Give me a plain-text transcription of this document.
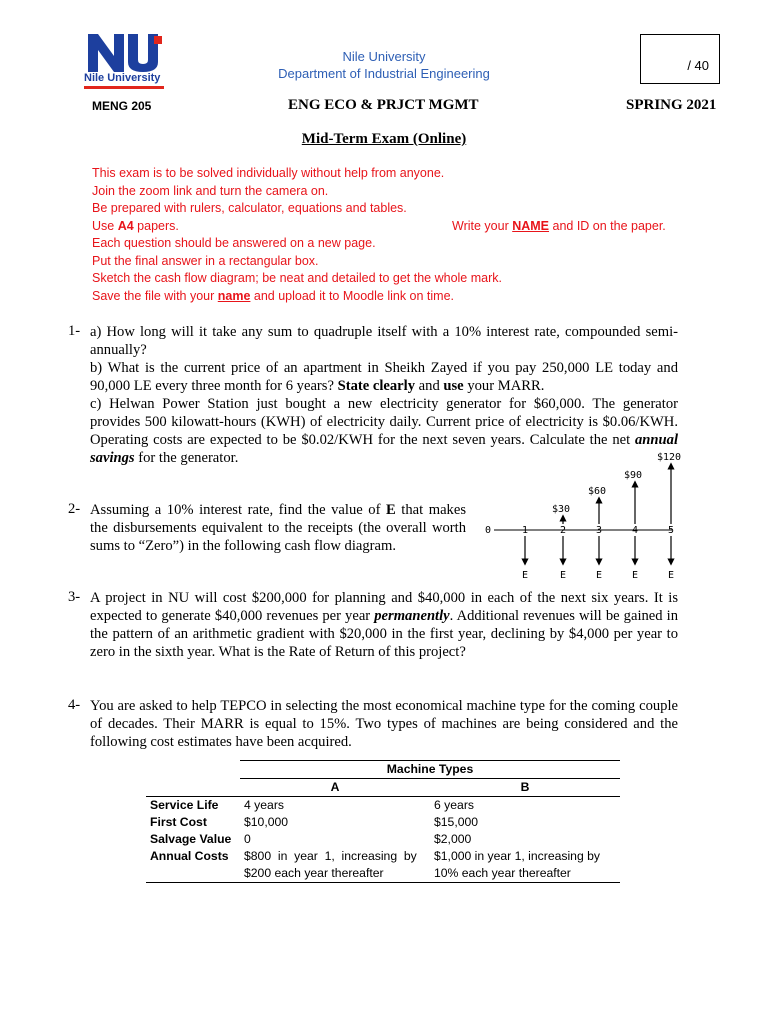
Nile University
Nile University
Department of Industrial Engineering
/ 40
MENG 205	ENG ECO & PRJCT MGMT	SPRING 2021
Mid-Term Exam (Online)
This exam is to be solved individually without help from anyone.
Join the zoom link and turn the camera on.
Be prepared with rulers, calculator, equations and tables.
Use A4 papers.	Write your NAME and ID on the paper.
Each question should be answered on a new page.
Put the final answer in a rectangular box.
Sketch the cash flow diagram; be neat and detailed to get the whole mark.
Save the file with your name and upload it to Moodle link on time.
1- a) How long will it take any sum to quadruple itself with a 10% interest rate, compounded semi-annually?
b) What is the current price of an apartment in Sheikh Zayed if you pay 250,000 LE today and 90,000 LE every three month for 6 years? State clearly and use your MARR.
c) Helwan Power Station just bought a new electricity generator for $60,000. The generator provides 500 kilowatt-hours (KWH) of electricity daily. Current price of electricity is $0.06/KWH. Operating costs are expected to be $0.02/KWH for the next seven years. Calculate the net annual savings for the generator.
2- Assuming a 10% interest rate, find the value of E that makes the disbursements equivalent to the receipts (the overall worth sums to “Zero”) in the following cash flow diagram.
0	1	2	3	4	5
$30
$60
$90
$120
E	E	E	E	E
3- A project in NU will cost $200,000 for planning and $40,000 in each of the next six years. It is expected to generate $40,000 revenues per year permanently. Additional revenues will be gained in the pattern of an arithmetic gradient with $20,000 in the first year, declining by $4,000 per year to zero in the sixth year. What is the Rate of Return of this project?
4- You are asked to help TEPCO in selecting the most economical machine type for the coming couple of decades. Their MARR is equal to 15%. Two types of machines are being considered and the following cost estimates have been acquired.
	Machine Types	
	A	B
Service Life	4 years	6 years
First Cost	$10,000	$15,000
Salvage Value	0	$2,000
Annual Costs	$800  in  year  1,  increasing  by	$1,000 in year 1, increasing by
	$200 each year thereafter	10% each year thereafter
